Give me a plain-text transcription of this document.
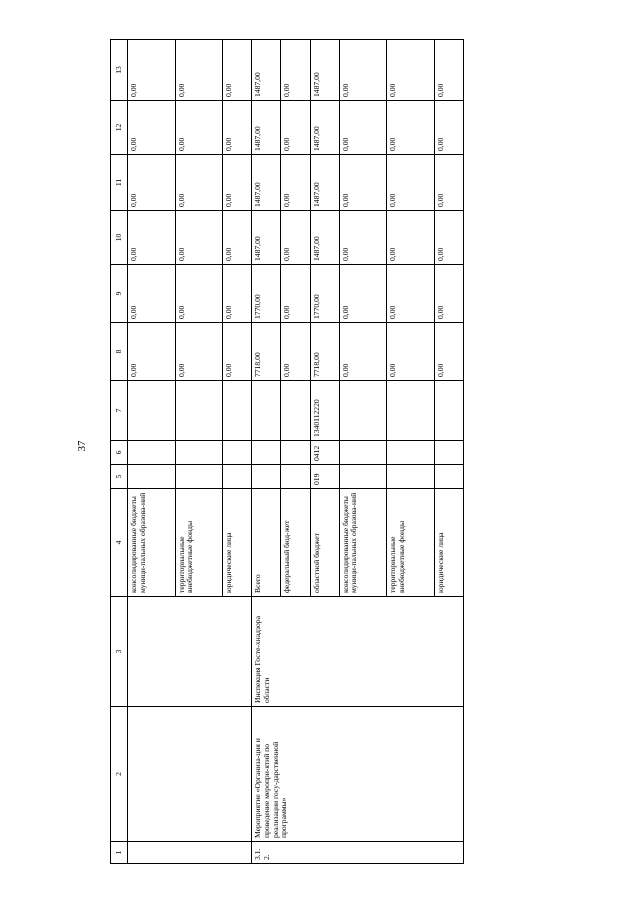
37
1	2	3	4	5	6	7	8	9	10	11	12	13
			консолидированные бюджеты муници-пальных образова-ний				0,00	0,00	0,00	0,00	0,00	0,00
			территориальные внебюджетные фонды				0,00	0,00	0,00	0,00	0,00	0,00
			юридические лица				0,00	0,00	0,00	0,00	0,00	0,00
3.1.2.	Мероприятие «Организа-ция и проведение меропри-ятий по реализации госу-дарственной программы»	Инспекция Госте-хнадзора области	Всего				7718,00	1770,00	1487,00	1487,00	1487,00	1487,00
			федеральный бюд-жет				0,00	0,00	0,00	0,00	0,00	0,00
			областной бюджет	019	0412	1340112220	7718,00	1770,00	1487,00	1487,00	1487,00	1487,00
			консолидированные бюджеты муници-пальных образова-ний				0,00	0,00	0,00	0,00	0,00	0,00
			территориальные внебюджетные фонды				0,00	0,00	0,00	0,00	0,00	0,00
			юридические лица				0,00	0,00	0,00	0,00	0,00	0,00
